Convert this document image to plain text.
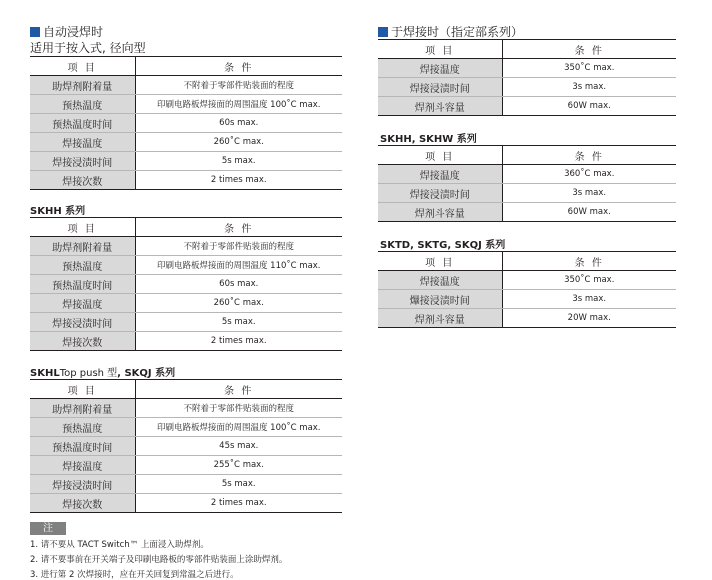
自动浸焊时
适用于按入式, 径向型
项 目	条 件
助焊剂附着量	不附着于零部件贴装面的程度
预热温度	印刷电路板焊接面的周围温度 100˚C max.
预热温度时间	60s max.
焊接温度	260˚C max.
焊接浸渍时间	5s max.
焊接次数	2 times max.
SKHH 系列
项 目	条 件
助焊剂附着量	不附着于零部件贴装面的程度
预热温度	印刷电路板焊接面的周围温度 110˚C max.
预热温度时间	60s max.
焊接温度	260˚C max.
焊接浸渍时间	5s max.
焊接次数	2 times max.
SKHLTop push 型, SKQJ 系列
项 目	条 件
助焊剂附着量	不附着于零部件贴装面的程度
预热温度	印刷电路板焊接面的周围温度 100˚C max.
预热温度时间	45s max.
焊接温度	255˚C max.
焊接浸渍时间	5s max.
焊接次数	2 times max.
注
1. 请不要从 TACT Switch™ 上面浸入助焊剂。
2. 请不要事前在开关端子及印刷电路板的零部件贴装面上涂助焊剂。
3. 进行第 2 次焊接时，应在开关回复到常温之后进行。
于焊接时（指定部系列）
项 目	条 件
焊接温度	350˚C max.
焊接浸渍时间	3s max.
焊剂斗容量	60W max.
SKHH, SKHW 系列
项 目	条 件
焊接温度	360˚C max.
焊接浸渍时间	3s max.
焊剂斗容量	60W max.
SKTD, SKTG, SKQJ 系列
项 目	条 件
焊接温度	350˚C max.
爗接浸渍时间	3s max.
焊剂斗容量	20W max.
